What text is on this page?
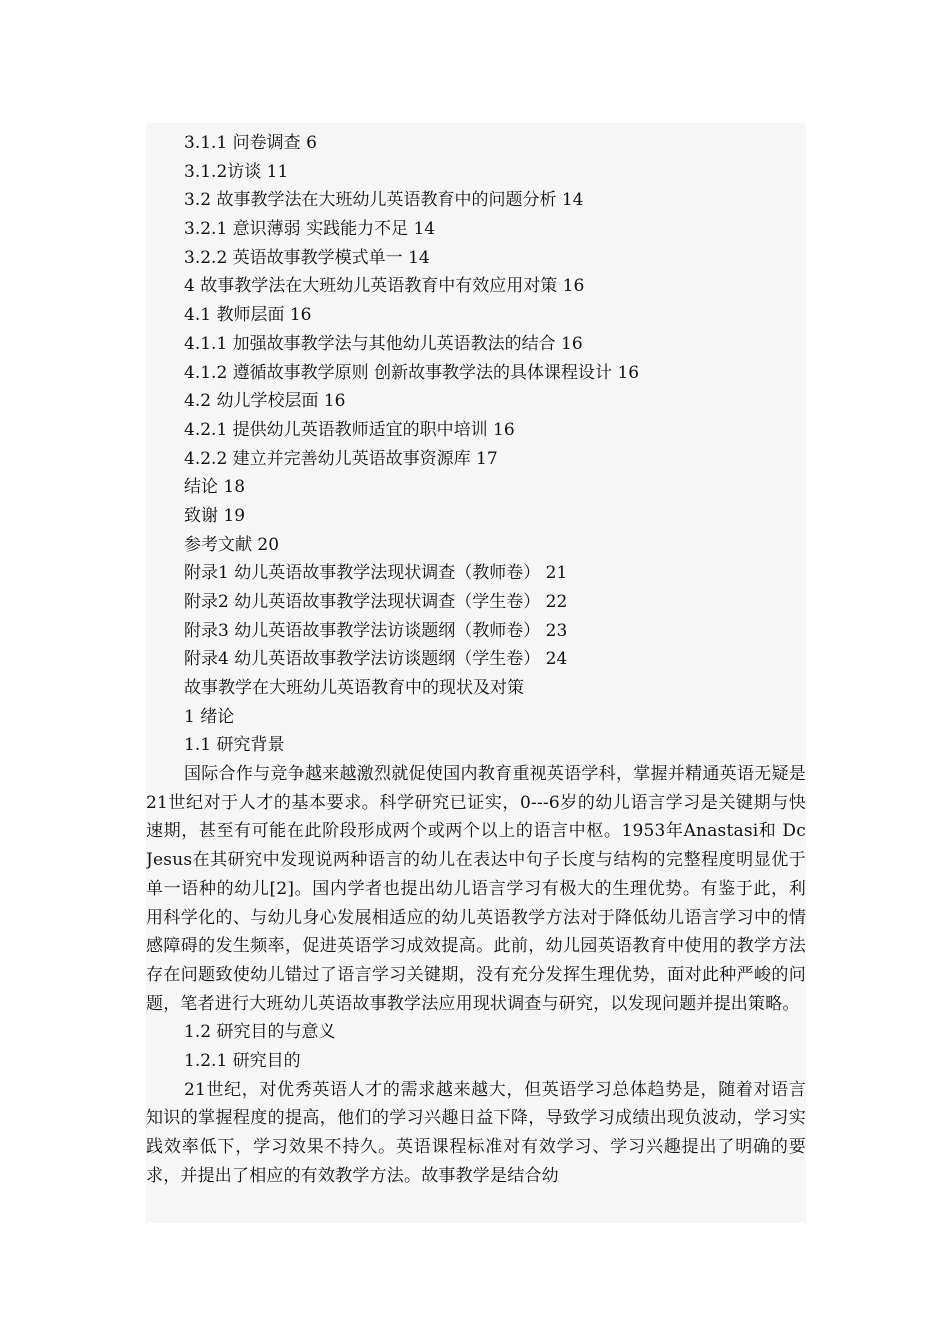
3.1.1 问卷调查 6
3.1.2访谈 11
3.2 故事教学法在大班幼儿英语教育中的问题分析 14
3.2.1 意识薄弱 实践能力不足 14
3.2.2 英语故事教学模式单一 14
4 故事教学法在大班幼儿英语教育中有效应用对策 16
4.1 教师层面 16
4.1.1 加强故事教学法与其他幼儿英语教法的结合 16
4.1.2 遵循故事教学原则 创新故事教学法的具体课程设计 16
4.2 幼儿学校层面 16
4.2.1 提供幼儿英语教师适宜的职中培训 16
4.2.2 建立并完善幼儿英语故事资源库 17
结论 18
致谢 19
参考文献 20
附录1 幼儿英语故事教学法现状调查（教师卷） 21
附录2 幼儿英语故事教学法现状调查（学生卷） 22
附录3 幼儿英语故事教学法访谈题纲（教师卷） 23
附录4 幼儿英语故事教学法访谈题纲（学生卷） 24
故事教学在大班幼儿英语教育中的现状及对策
1 绪论
1.1 研究背景

国际合作与竞争越来越激烈就促使国内教育重视英语学科，掌握并精通英语无疑是21世纪对于人才的基本要求。科学研究已证实，0---6岁的幼儿语言学习是关键期与快速期，甚至有可能在此阶段形成两个或两个以上的语言中枢。1953年Anastasi和 Dc Jesus在其研究中发现说两种语言的幼儿在表达中句子长度与结构的完整程度明显优于单一语种的幼儿[2]。国内学者也提出幼儿语言学习有极大的生理优势。有鉴于此，利用科学化的、与幼儿身心发展相适应的幼儿英语教学方法对于降低幼儿语言学习中的情感障碍的发生频率，促进英语学习成效提高。此前，幼儿园英语教育中使用的教学方法存在问题致使幼儿错过了语言学习关键期，没有充分发挥生理优势，面对此种严峻的问题，笔者进行大班幼儿英语故事教学法应用现状调查与研究，以发现问题并提出策略。

1.2 研究目的与意义
1.2.1 研究目的

21世纪，对优秀英语人才的需求越来越大，但英语学习总体趋势是，随着对语言知识的掌握程度的提高，他们的学习兴趣日益下降，导致学习成绩出现负波动，学习实践效率低下，学习效果不持久。英语课程标准对有效学习、学习兴趣提出了明确的要求，并提出了相应的有效教学方法。故事教学是结合幼
